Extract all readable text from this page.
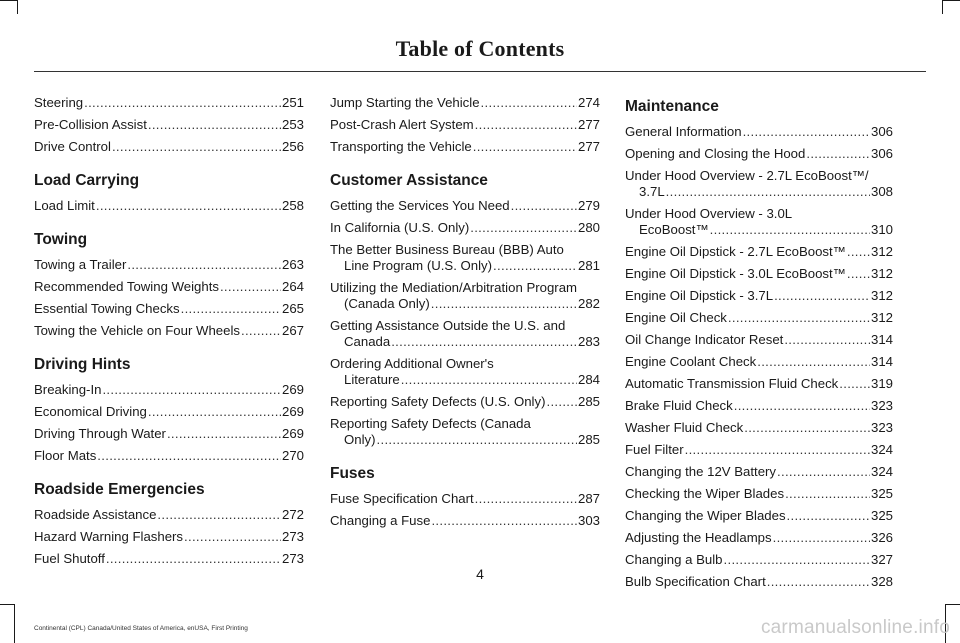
Table of Contents
Steering .....	251
Pre-Collision Assist .....	253
Drive Control .....	256
Load Carrying
Load Limit .....	258
Towing
Towing a Trailer .....	263
Recommended Towing Weights .....	264
Essential Towing Checks .....	265
Towing the Vehicle on Four Wheels .....	267
Driving Hints
Breaking-In .....	269
Economical Driving .....	269
Driving Through Water .....	269
Floor Mats .....	270
Roadside Emergencies
Roadside Assistance .....	272
Hazard Warning Flashers .....	273
Fuel Shutoff .....	273
Jump Starting the Vehicle .....	274
Post-Crash Alert System .....	277
Transporting the Vehicle .....	277
Customer Assistance
Getting the Services You Need .....	279
In California (U.S. Only) .....	280
The Better Business Bureau (BBB) Auto
Line Program (U.S. Only) .....	281
Utilizing the Mediation/Arbitration Program
(Canada Only) .....	282
Getting Assistance Outside the U.S. and
Canada .....	283
Ordering Additional Owner's
Literature .....	284
Reporting Safety Defects (U.S. Only) ..... 285
Reporting Safety Defects (Canada
Only) .....	285
Fuses
Fuse Specification Chart .....	287
Changing a Fuse .....	303
Maintenance
General Information .....	306
Opening and Closing the Hood .....	306
Under Hood Overview - 2.7L EcoBoost™/
3.7L .....	308
Under Hood Overview - 3.0L
EcoBoost™ .....	310
Engine Oil Dipstick - 2.7L EcoBoost™ ..... 312
Engine Oil Dipstick - 3.0L EcoBoost™ ..... 312
Engine Oil Dipstick - 3.7L .....	312
Engine Oil Check .....	312
Oil Change Indicator Reset .....	314
Engine Coolant Check .....	314
Automatic Transmission Fluid Check ..... 319
Brake Fluid Check .....	323
Washer Fluid Check .....	323
Fuel Filter .....	324
Changing the 12V Battery .....	324
Checking the Wiper Blades .....	325
Changing the Wiper Blades .....	325
Adjusting the Headlamps .....	326
Changing a Bulb .....	327
Bulb Specification Chart .....	328
4
Continental (CPL) Canada/United States of America, enUSA, First Printing	carmanualsonline.info
